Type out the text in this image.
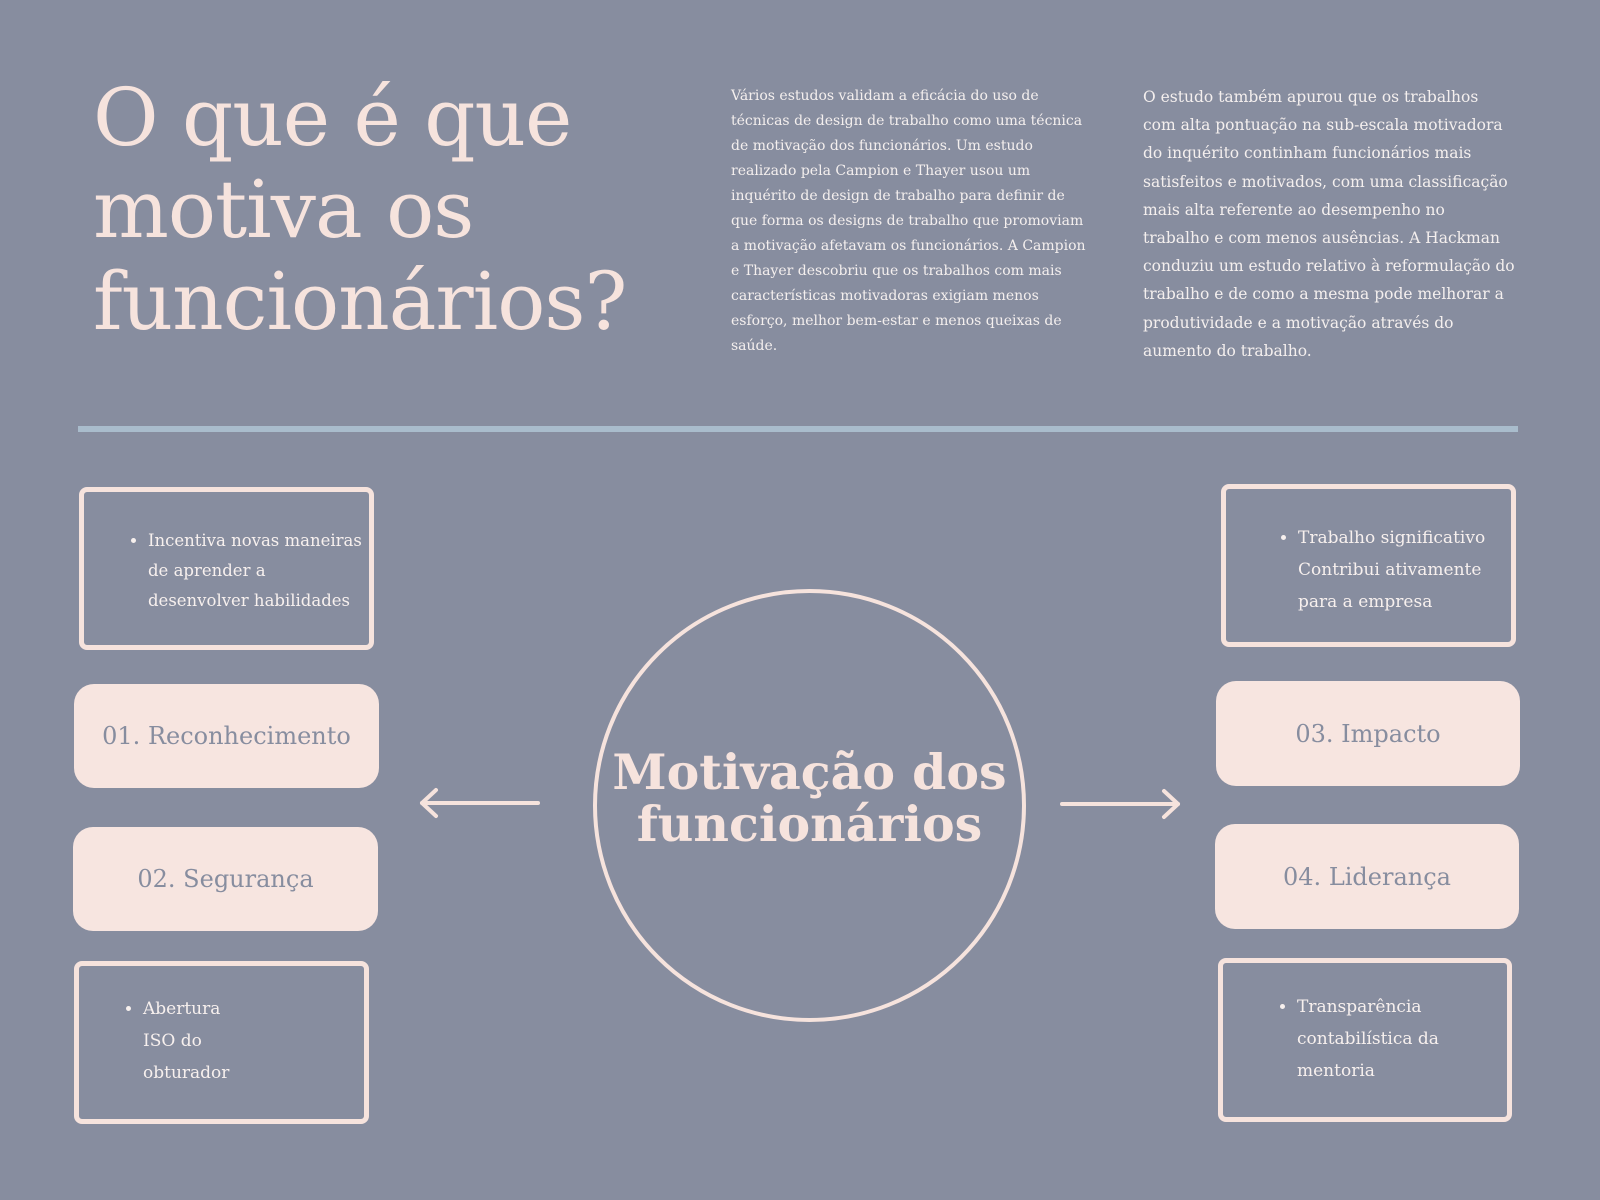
O que é que
motiva os
funcionários?

Vários estudos validam a eficácia do uso de técnicas de design de trabalho como uma técnica de motivação dos funcionários. Um estudo realizado pela Campion e Thayer usou um inquérito de design de trabalho para definir de que forma os designs de trabalho que promoviam a motivação afetavam os funcionários. A Campion e Thayer descobriu que os trabalhos com mais características motivadoras exigiam menos esforço, melhor bem-estar e menos queixas de saúde.

O estudo também apurou que os trabalhos com alta pontuação na sub-escala motivadora do inquérito continham funcionários mais satisfeitos e motivados, com uma classificação mais alta referente ao desempenho no trabalho e com menos ausências. A Hackman conduziu um estudo relativo à reformulação do trabalho e de como a mesma pode melhorar a produtividade e a motivação através do aumento do trabalho.

• Incentiva novas maneiras
de aprender a
desenvolver habilidades
01. Reconhecimento
02. Segurança
• Abertura
ISO do
obturador
Motivação dos
funcionários
• Trabalho significativo
Contribui ativamente
para a empresa
03. Impacto
04. Liderança
• Transparência
contabilística da
mentoria
